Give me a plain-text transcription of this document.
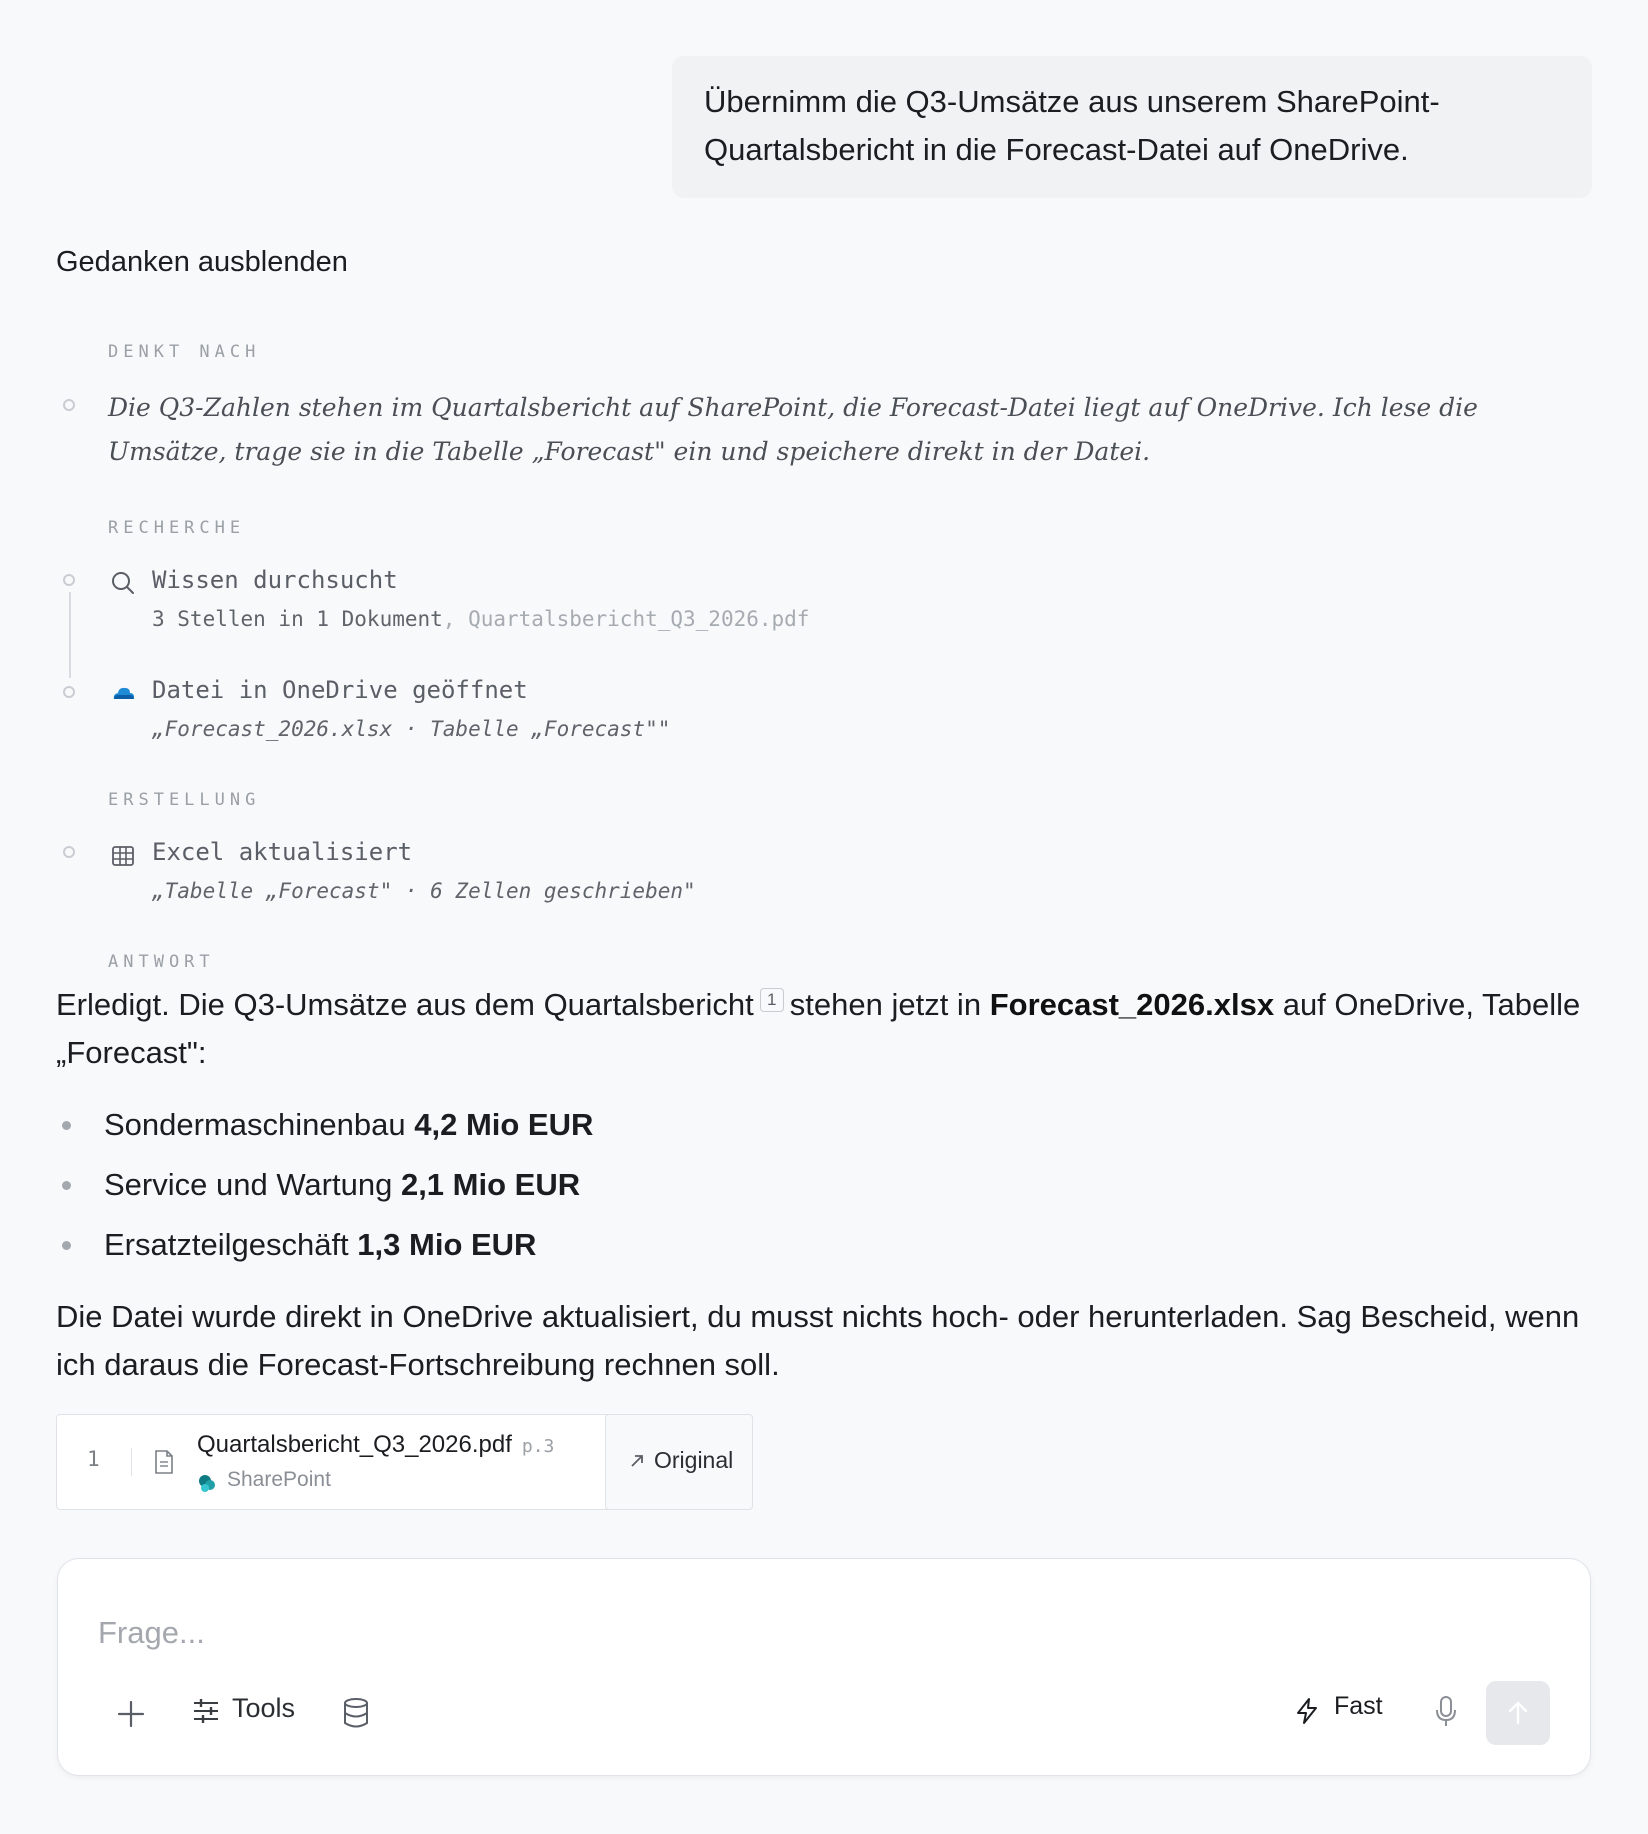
Übernimm die Q3-Umsätze aus unserem SharePoint-Quartalsbericht in die Forecast-Datei auf OneDrive.
Gedanken ausblenden
DENKT NACH
Die Q3-Zahlen stehen im Quartalsbericht auf SharePoint, die Forecast-Datei liegt auf OneDrive. Ich lese die Umsätze, trage sie in die Tabelle „Forecast" ein und speichere direkt in der Datei.
RECHERCHE
Wissen durchsucht
3 Stellen in 1 Dokument, Quartalsbericht_Q3_2026.pdf
Datei in OneDrive geöffnet
„Forecast_2026.xlsx · Tabelle „Forecast""
ERSTELLUNG
Excel aktualisiert
„Tabelle „Forecast" · 6 Zellen geschrieben"
ANTWORT
Erledigt. Die Q3-Umsätze aus dem Quartalsbericht 1 stehen jetzt in Forecast_2026.xlsx auf OneDrive, Tabelle „Forecast":
Sondermaschinenbau 4,2 Mio EUR
Service und Wartung 2,1 Mio EUR
Ersatzteilgeschäft 1,3 Mio EUR
Die Datei wurde direkt in OneDrive aktualisiert, du musst nichts hoch- oder herunterladen. Sag Bescheid, wenn ich daraus die Forecast-Fortschreibung rechnen soll.
1
Quartalsbericht_Q3_2026.pdf p.3
SharePoint
Original
Frage...
Tools	Fast
